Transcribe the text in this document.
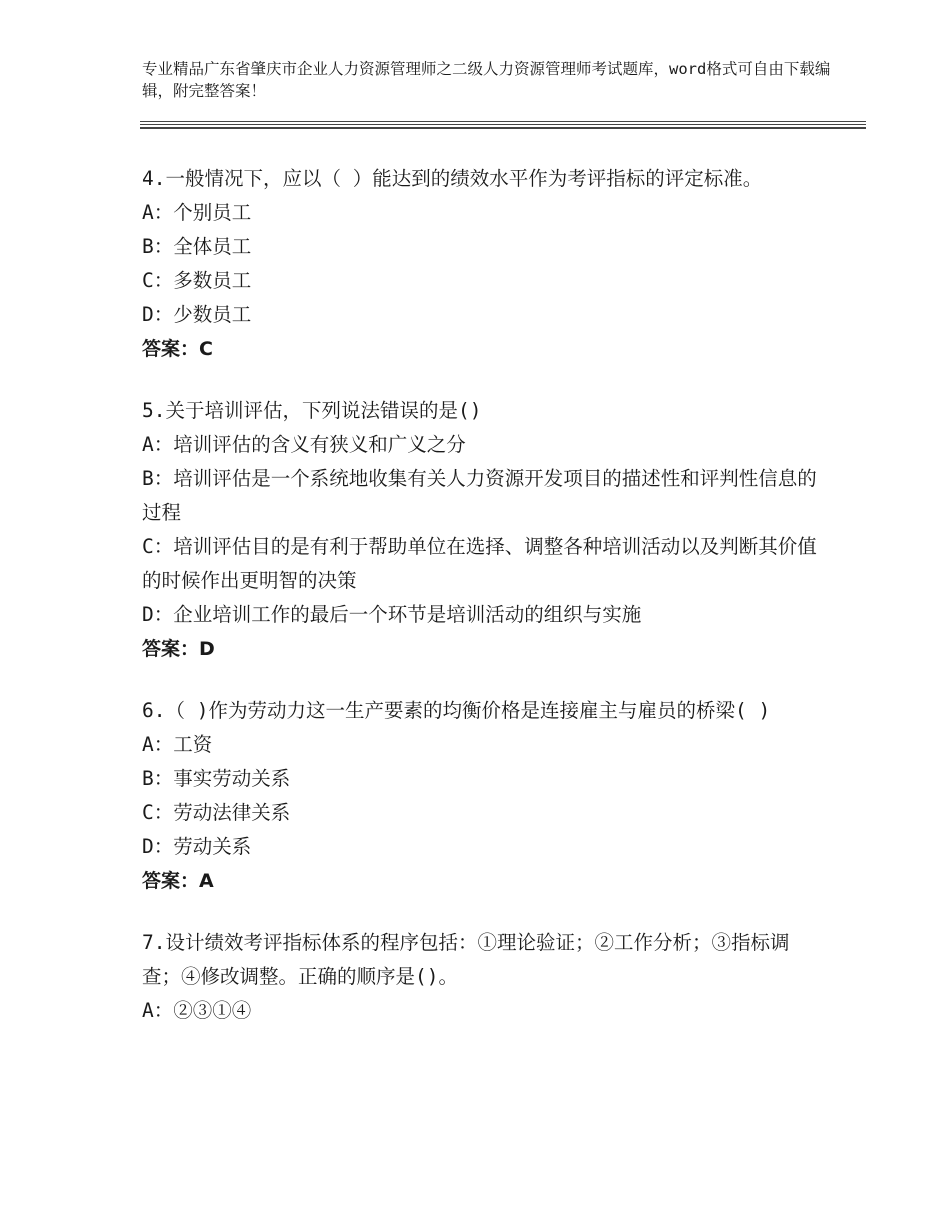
专业精品广东省肇庆市企业人力资源管理师之二级人力资源管理师考试题库，word格式可自由下载编辑，附完整答案！

4.一般情况下，应以（ ）能达到的绩效水平作为考评指标的评定标准。

A：个别员工

B：全体员工

C：多数员工

D：少数员工

答案：C

5.关于培训评估，下列说法错误的是()

A：培训评估的含义有狭义和广义之分

B：培训评估是一个系统地收集有关人力资源开发项目的描述性和评判性信息的过程

C：培训评估目的是有利于帮助单位在选择、调整各种培训活动以及判断其价值的时候作出更明智的决策

D：企业培训工作的最后一个环节是培训活动的组织与实施

答案：D

6.（ )作为劳动力这一生产要素的均衡价格是连接雇主与雇员的桥梁( )

A：工资

B：事实劳动关系

C：劳动法律关系

D：劳动关系

答案：A

7.设计绩效考评指标体系的程序包括：①理论验证；②工作分析；③指标调查；④修改调整。正确的顺序是()。

A：②③①④
